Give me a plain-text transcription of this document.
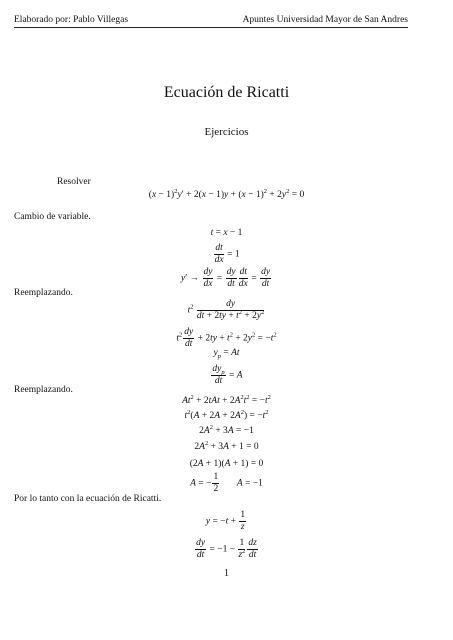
Elaborado por: Pablo Villegas	Apuntes Universidad Mayor de San Andres
Ecuación de Ricatti
Ejercicios
Resolver
$(x - 1)^2y' + 2(x - 1)y + (x - 1)^2 + 2y^2 = 0$
Cambio de variable.
t = x − 1
$\frac{dt}{dx} = 1$
$y' \to \frac{dy}{dx} = \frac{dy}{dt} \frac{dt}{dx} = \frac{dy}{dt}$
Reemplazando.
$t^2 \frac{dy}{dt + 2ty + t^2 + 2y^2}$
$t^2 \frac{dy}{dt} + 2ty + t^2 + 2y^2 = -t^2$
$y_p = At$
$\frac{dy_p}{dt} = A$
Reemplazando.
$At^2 + 2tAt + 2A^2t^2 = -t^2$
$t^2(A + 2A + 2A^2) = -t^2$
$2A^2 + 3A = -1$
$2A^2 + 3A + 1 = 0$
(2A + 1)(A + 1) = 0
A = − $\frac{1}{2}$ A = −1
Por lo tanto con la ecuación de Ricatti.
$y = -t + \frac{1}{z}$
$\frac{dy}{dt} = -1 - \frac{1}{z^2} \frac{dz}{dt}$
1
